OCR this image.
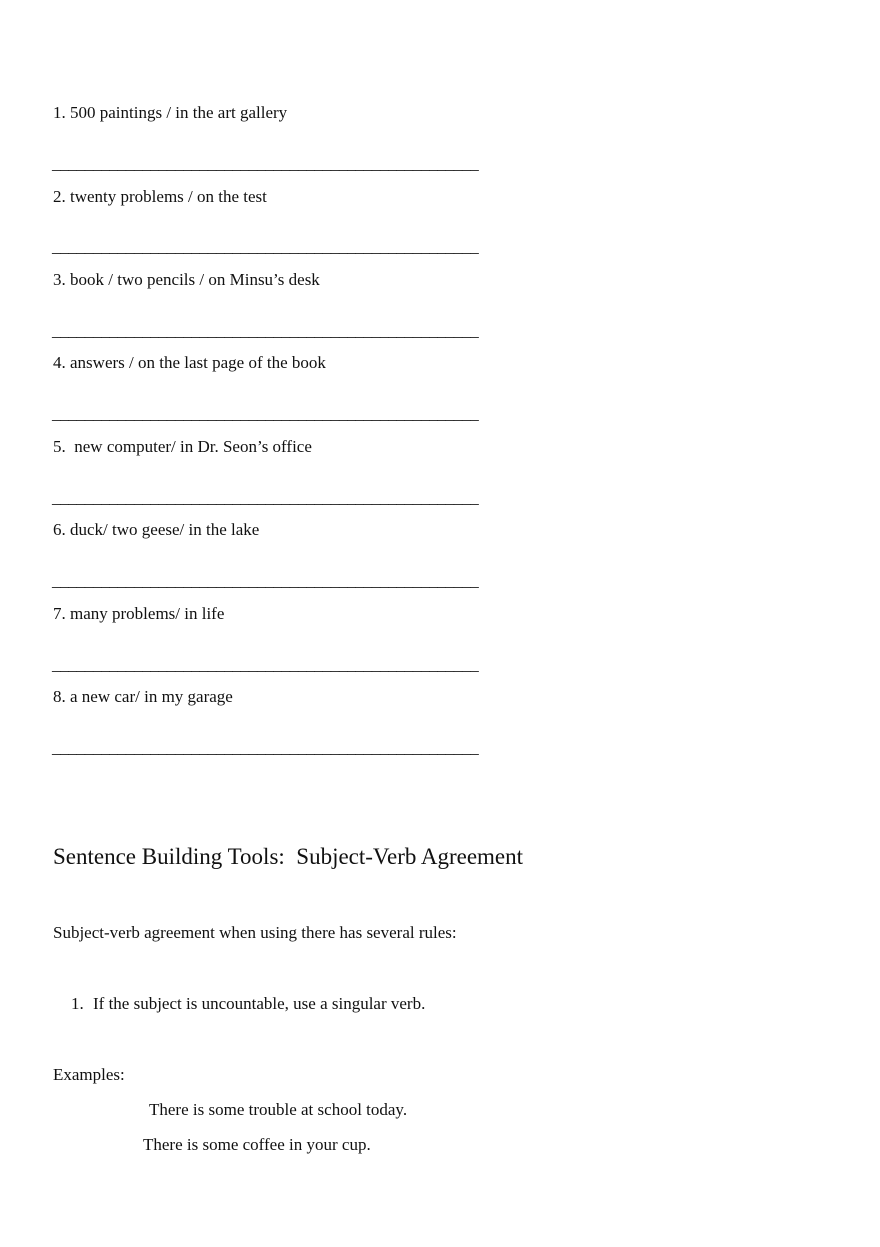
1. 500 paintings / in the art gallery
____________________________________________________
2. twenty problems / on the test
____________________________________________________
3. book / two pencils / on Minsu’s desk
____________________________________________________
4. answers / on the last page of the book
____________________________________________________
5.  new computer/ in Dr. Seon’s office
____________________________________________________
6. duck/ two geese/ in the lake
____________________________________________________
7. many problems/ in life
____________________________________________________
8. a new car/ in my garage
____________________________________________________
Sentence Building Tools:  Subject-Verb Agreement
Subject-verb agreement when using there has several rules:
1. If the subject is uncountable, use a singular verb.
Examples:
There is some trouble at school today.
There is some coffee in your cup.
